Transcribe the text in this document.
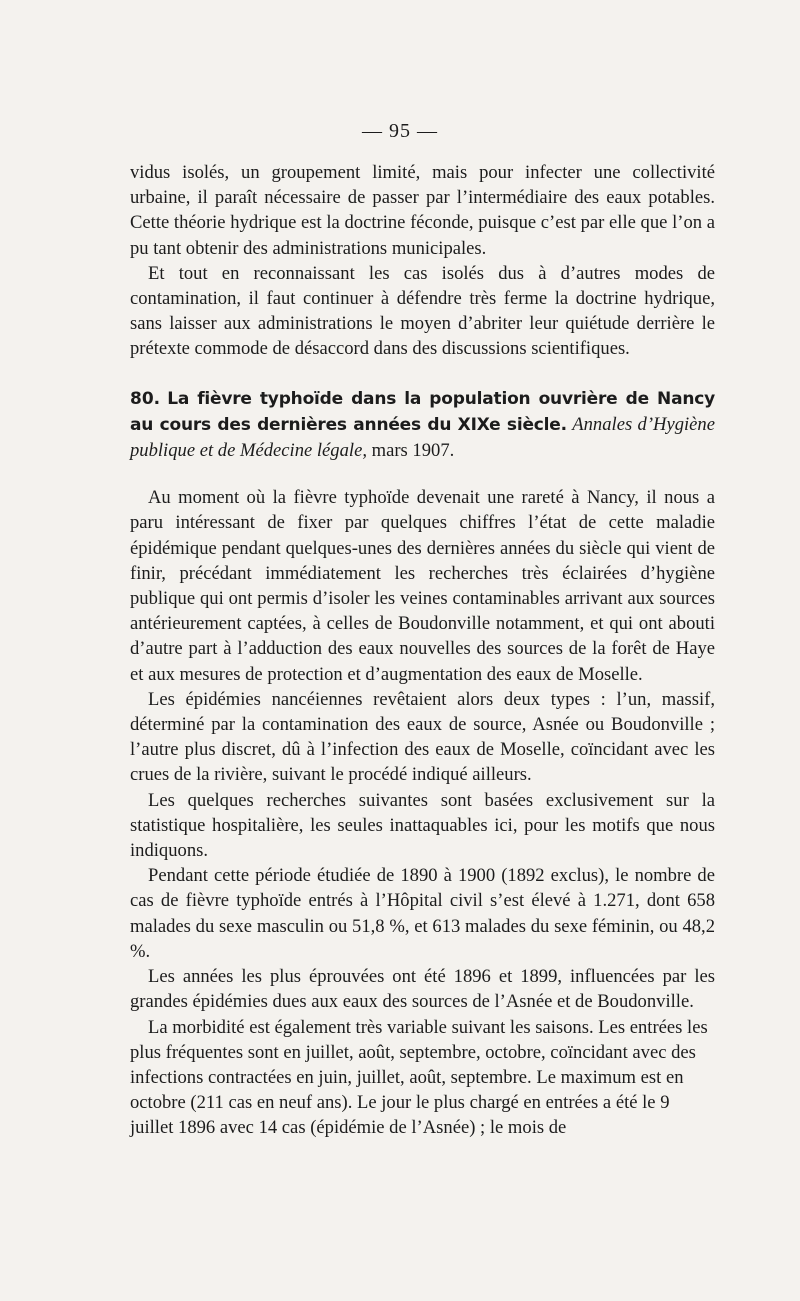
— 95 —

vidus isolés, un groupement limité, mais pour infecter une collectivité urbaine, il paraît nécessaire de passer par l’intermédiaire des eaux potables. Cette théorie hydrique est la doctrine féconde, puisque c’est par elle que l’on a pu tant obtenir des administrations municipales.

Et tout en reconnaissant les cas isolés dus à d’autres modes de contamination, il faut continuer à défendre très ferme la doctrine hydrique, sans laisser aux administrations le moyen d’abriter leur quiétude derrière le prétexte commode de désaccord dans des discussions scientifiques.

80. La fièvre typhoïde dans la population ouvrière de Nancy au cours des dernières années du XIXe siècle. Annales d’Hygiène publique et de Médecine légale, mars 1907.

Au moment où la fièvre typhoïde devenait une rareté à Nancy, il nous a paru intéressant de fixer par quelques chiffres l’état de cette maladie épidémique pendant quelques-unes des dernières années du siècle qui vient de finir, précédant immédiatement les recherches très éclairées d’hygiène publique qui ont permis d’isoler les veines contaminables arrivant aux sources antérieurement captées, à celles de Boudonville notamment, et qui ont abouti d’autre part à l’adduction des eaux nouvelles des sources de la forêt de Haye et aux mesures de protection et d’augmentation des eaux de Moselle.

Les épidémies nancéiennes revêtaient alors deux types : l’un, massif, déterminé par la contamination des eaux de source, Asnée ou Boudonville ; l’autre plus discret, dû à l’infection des eaux de Moselle, coïncidant avec les crues de la rivière, suivant le procédé indiqué ailleurs.

Les quelques recherches suivantes sont basées exclusivement sur la statistique hospitalière, les seules inattaquables ici, pour les motifs que nous indiquons.

Pendant cette période étudiée de 1890 à 1900 (1892 exclus), le nombre de cas de fièvre typhoïde entrés à l’Hôpital civil s’est élevé à 1.271, dont 658 malades du sexe masculin ou 51,8 %, et 613 malades du sexe féminin, ou 48,2 %.

Les années les plus éprouvées ont été 1896 et 1899, influencées par les grandes épidémies dues aux eaux des sources de l’Asnée et de Boudonville.

La morbidité est également très variable suivant les saisons. Les entrées les plus fréquentes sont en juillet, août, septembre, octobre, coïncidant avec des infections contractées en juin, juillet, août, septembre. Le maximum est en octobre (211 cas en neuf ans). Le jour le plus chargé en entrées a été le 9 juillet 1896 avec 14 cas (épidémie de l’Asnée) ; le mois de
